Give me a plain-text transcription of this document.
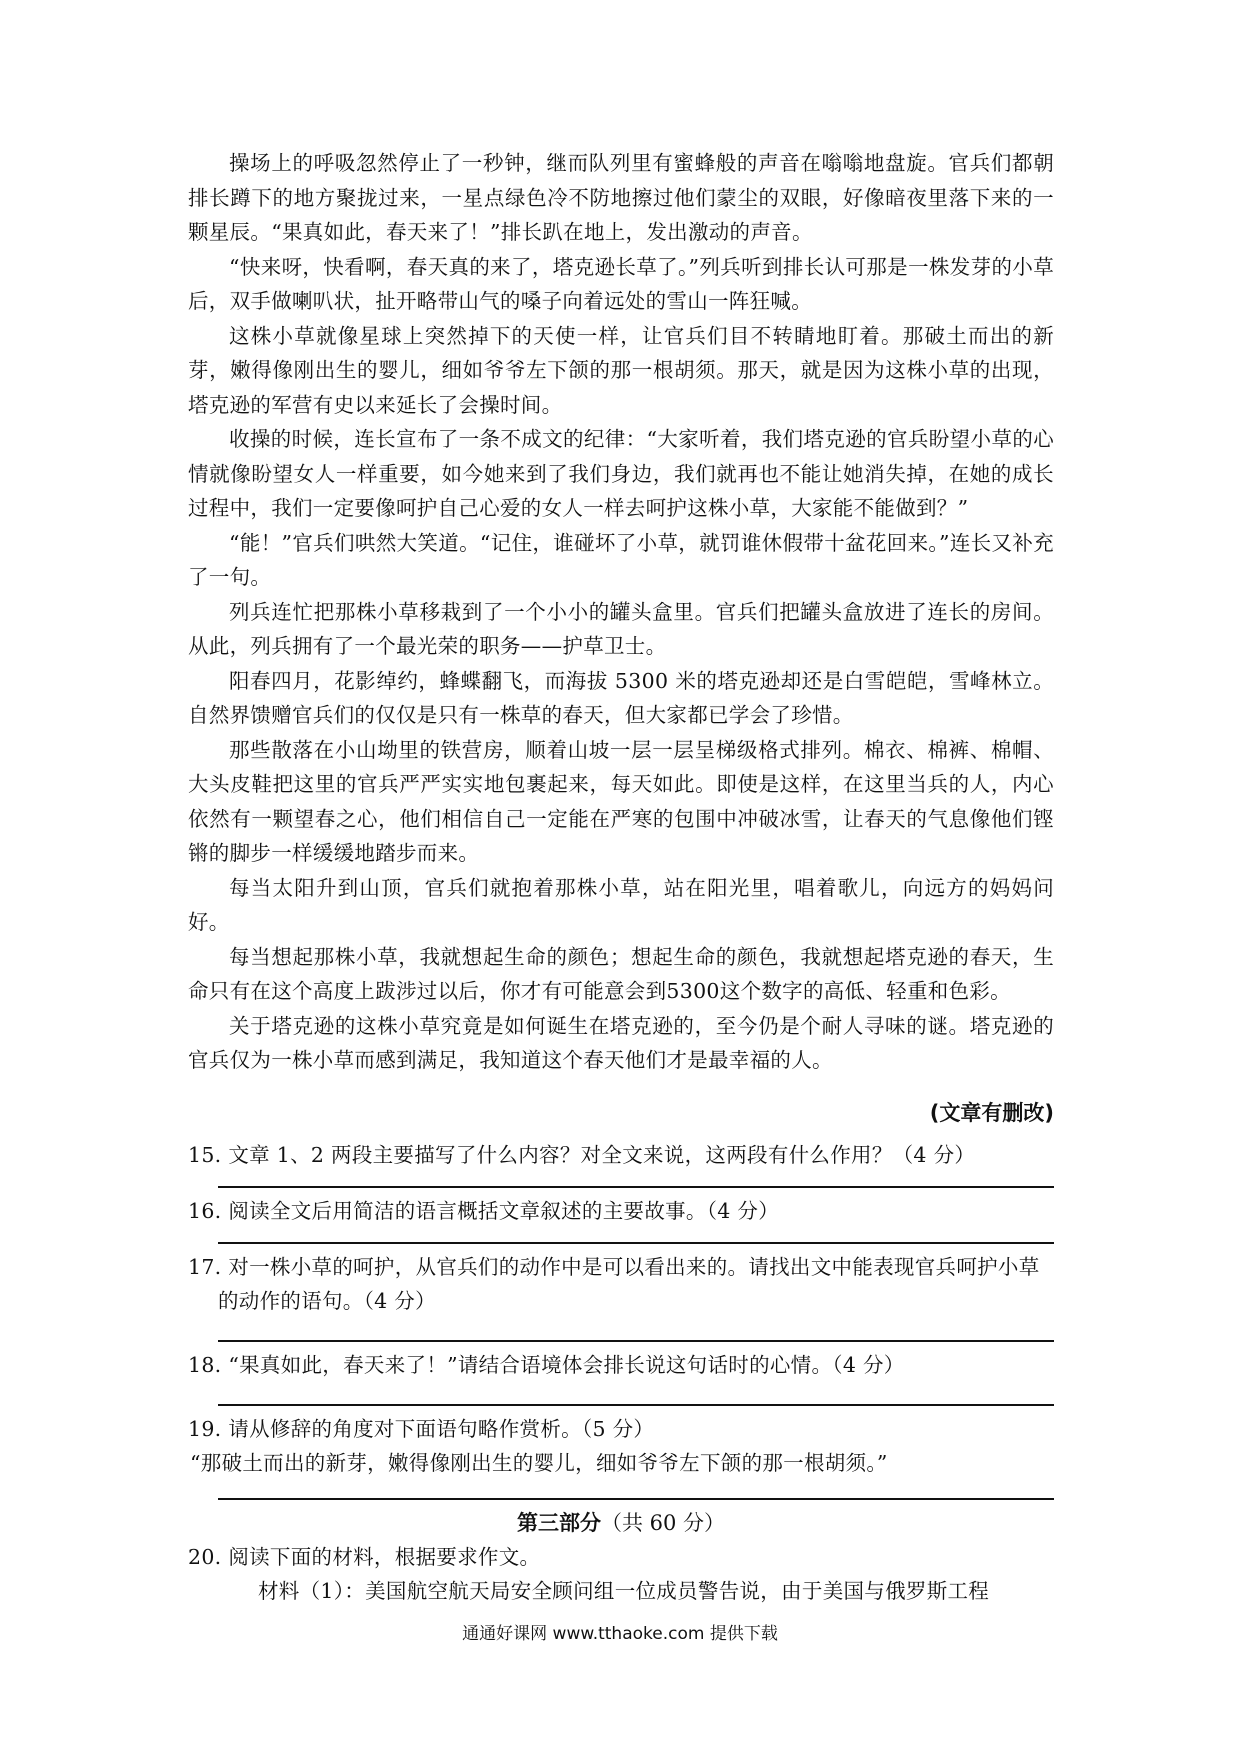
操场上的呼吸忽然停止了一秒钟，继而队列里有蜜蜂般的声音在嗡嗡地盘旋。官兵们都朝排长蹲下的地方聚拢过来，一星点绿色冷不防地擦过他们蒙尘的双眼，好像暗夜里落下来的一颗星辰。“果真如此，春天来了！”排长趴在地上，发出激动的声音。

“快来呀，快看啊，春天真的来了，塔克逊长草了。”列兵听到排长认可那是一株发芽的小草后，双手做喇叭状，扯开略带山气的嗓子向着远处的雪山一阵狂喊。

这株小草就像星球上突然掉下的天使一样，让官兵们目不转睛地盯着。那破土而出的新芽，嫩得像刚出生的婴儿，细如爷爷左下颌的那一根胡须。那天，就是因为这株小草的出现，塔克逊的军营有史以来延长了会操时间。

收操的时候，连长宣布了一条不成文的纪律：“大家听着，我们塔克逊的官兵盼望小草的心情就像盼望女人一样重要，如今她来到了我们身边，我们就再也不能让她消失掉，在她的成长过程中，我们一定要像呵护自己心爱的女人一样去呵护这株小草，大家能不能做到？”

“能！”官兵们哄然大笑道。“记住，谁碰坏了小草，就罚谁休假带十盆花回来。”连长又补充了一句。

列兵连忙把那株小草移栽到了一个小小的罐头盒里。官兵们把罐头盒放进了连长的房间。从此，列兵拥有了一个最光荣的职务——护草卫士。

阳春四月，花影绰约，蜂蝶翻飞，而海拔 5300 米的塔克逊却还是白雪皑皑，雪峰林立。自然界馈赠官兵们的仅仅是只有一株草的春天，但大家都已学会了珍惜。

那些散落在小山坳里的铁营房，顺着山坡一层一层呈梯级格式排列。棉衣、棉裤、棉帽、大头皮鞋把这里的官兵严严实实地包裹起来，每天如此。即使是这样，在这里当兵的人，内心依然有一颗望春之心，他们相信自己一定能在严寒的包围中冲破冰雪，让春天的气息像他们铿锵的脚步一样缓缓地踏步而来。

每当太阳升到山顶，官兵们就抱着那株小草，站在阳光里，唱着歌儿，向远方的妈妈问好。

每当想起那株小草，我就想起生命的颜色；想起生命的颜色，我就想起塔克逊的春天，生命只有在这个高度上跋涉过以后，你才有可能意会到5300这个数字的高低、轻重和色彩。

关于塔克逊的这株小草究竟是如何诞生在塔克逊的，至今仍是个耐人寻味的谜。塔克逊的官兵仅为一株小草而感到满足，我知道这个春天他们才是最幸福的人。

(文章有删改)

15. 文章 1、2 两段主要描写了什么内容？对全文来说，这两段有什么作用？（4 分）

16. 阅读全文后用简洁的语言概括文章叙述的主要故事。（4 分）

17. 对一株小草的呵护，从官兵们的动作中是可以看出来的。请找出文中能表现官兵呵护小草的动作的语句。（4 分）

18. “果真如此，春天来了！”请结合语境体会排长说这句话时的心情。（4 分）

19. 请从修辞的角度对下面语句略作赏析。（5 分）

“那破土而出的新芽，嫩得像刚出生的婴儿，细如爷爷左下颌的那一根胡须。”

第三部分（共 60 分）

20. 阅读下面的材料，根据要求作文。

材料（1）：美国航空航天局安全顾问组一位成员警告说，由于美国与俄罗斯工程

通通好课网 www.tthaoke.com 提供下载
